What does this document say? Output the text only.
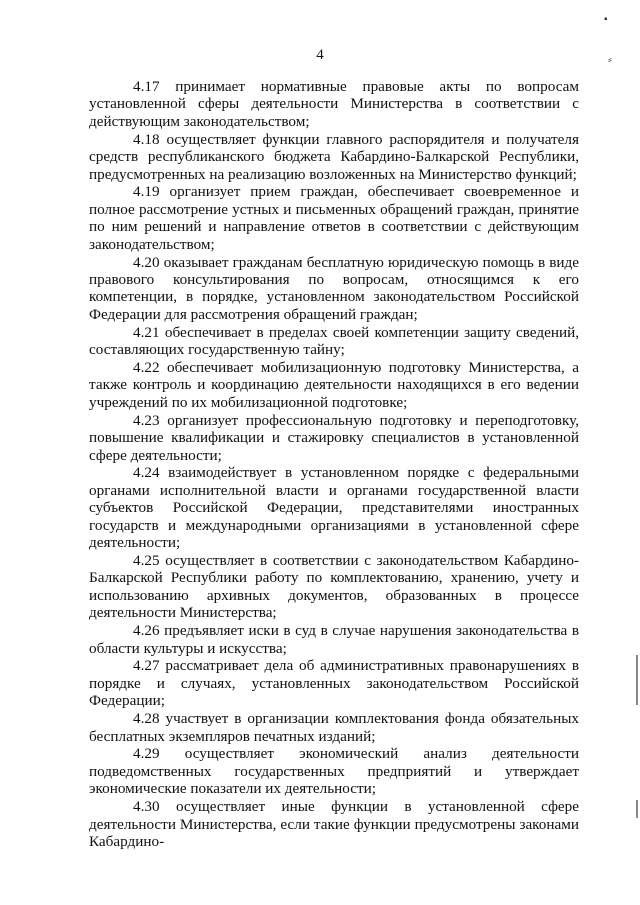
▪
⸗
4

4.17 принимает нормативные правовые акты по вопросам установленной сферы деятельности Министерства в соответствии с действующим законодательством;

4.18 осуществляет функции главного распорядителя и получателя средств республиканского бюджета Кабардино-Балкарской Республики, предусмотренных на реализацию возложенных на Министерство функций;

4.19 организует прием граждан, обеспечивает своевременное и полное рассмотрение устных и письменных обращений граждан, принятие по ним решений и направление ответов в соответствии с действующим законодательством;

4.20 оказывает гражданам бесплатную юридическую помощь в виде правового консультирования по вопросам, относящимся к его компетенции, в порядке, установленном законодательством Российской Федерации для рассмотрения обращений граждан;

4.21 обеспечивает в пределах своей компетенции защиту сведений, составляющих государственную тайну;

4.22 обеспечивает мобилизационную подготовку Министерства, а также контроль и координацию деятельности находящихся в его ведении учреждений по их мобилизационной подготовке;

4.23 организует профессиональную подготовку и переподготовку, повышение квалификации и стажировку специалистов в установленной сфере деятельности;

4.24 взаимодействует в установленном порядке с федеральными органами исполнительной власти и органами государственной власти субъектов Российской Федерации, представителями иностранных государств и международными организациями в установленной сфере деятельности;

4.25 осуществляет в соответствии с законодательством Кабардино-Балкарской Республики работу по комплектованию, хранению, учету и использованию архивных документов, образованных в процессе деятельности Министерства;

4.26 предъявляет иски в суд в случае нарушения законодательства в области культуры и искусства;

4.27 рассматривает дела об административных правонарушениях в порядке и случаях, установленных законодательством Российской Федерации;

4.28 участвует в организации комплектования фонда обязательных бесплатных экземпляров печатных изданий;

4.29 осуществляет экономический анализ деятельности подведомственных государственных предприятий и утверждает экономические показатели их деятельности;

4.30 осуществляет иные функции в установленной сфере деятельности Министерства, если такие функции предусмотрены законами Кабардино-
